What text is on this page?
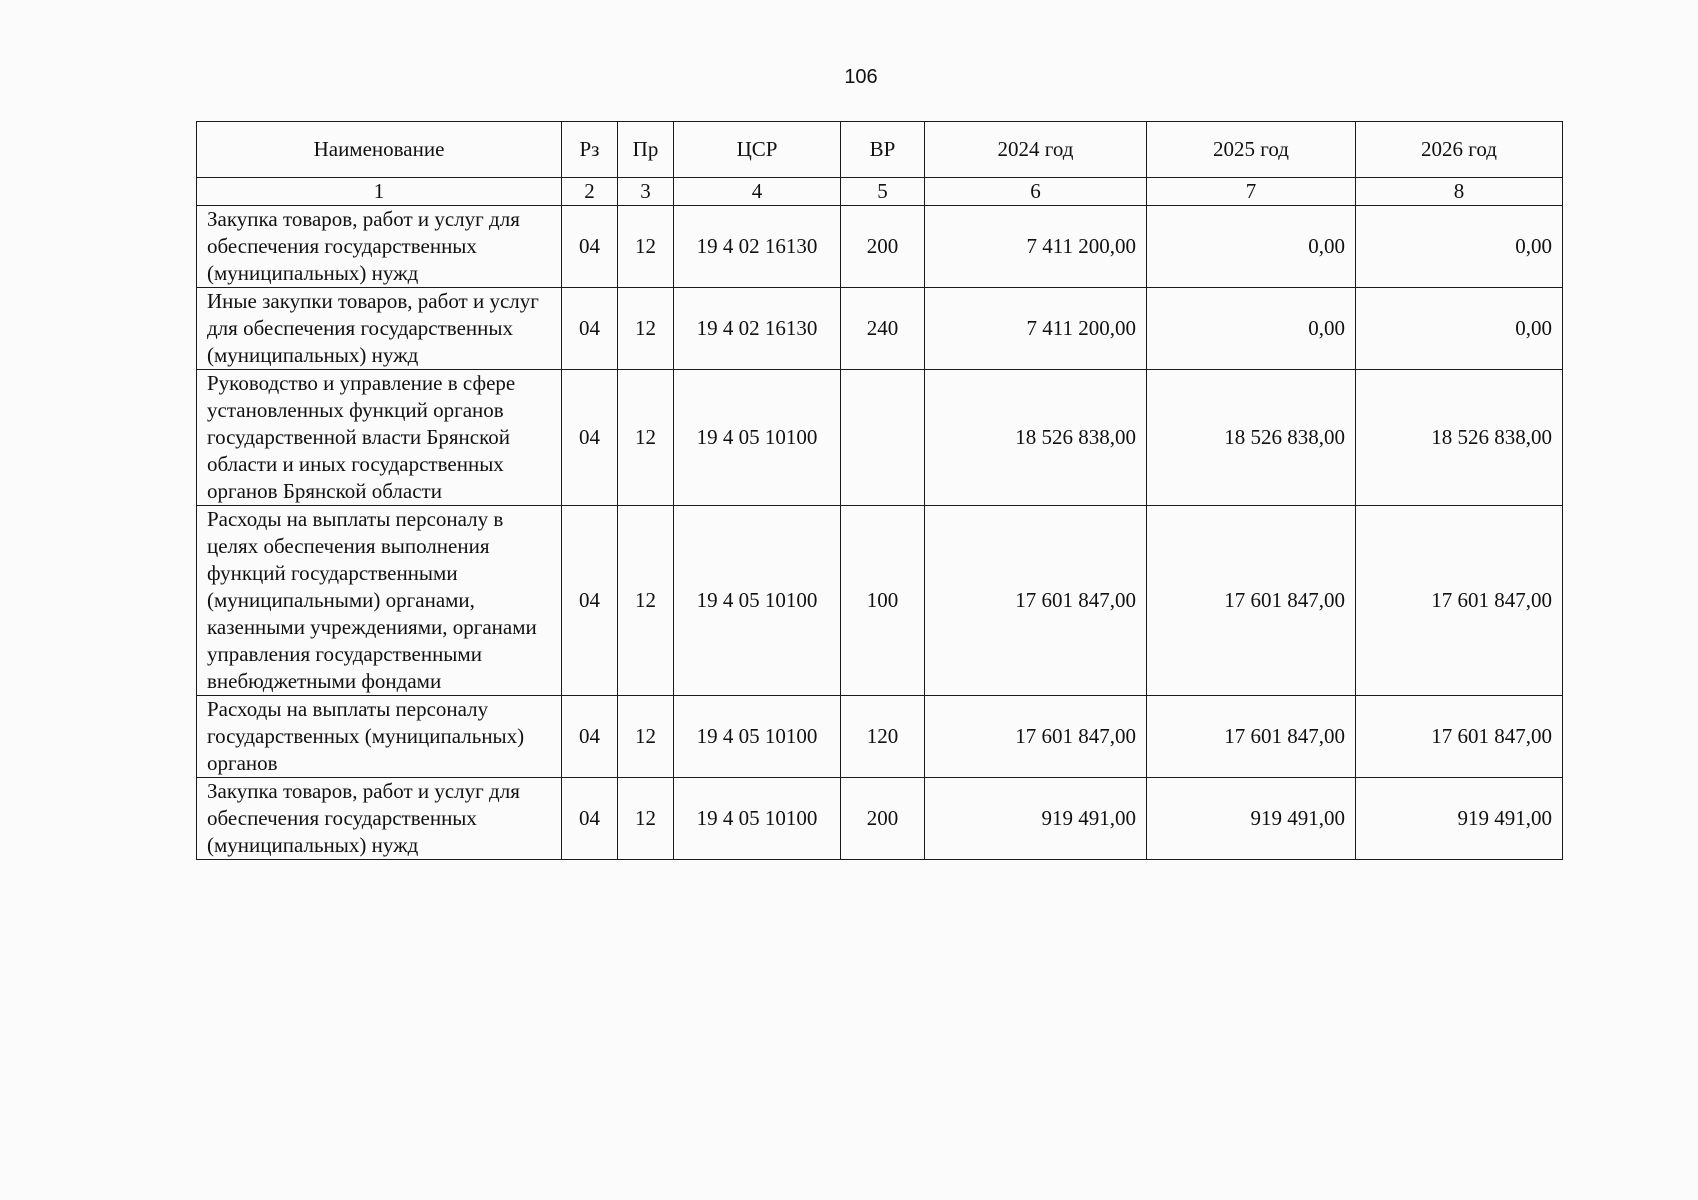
106
Наименование	Рз	Пр	ЦСР	ВР	2024 год	2025 год	2026 год
1	2	3	4	5	6	7	8
Закупка товаров, работ и услуг для обеспечения государственных (муниципальных) нужд	04	12	19 4 02 16130	200	7 411 200,00	0,00	0,00
Иные закупки товаров, работ и услуг для обеспечения государственных (муниципальных) нужд	04	12	19 4 02 16130	240	7 411 200,00	0,00	0,00
Руководство и управление в сфере установленных функций органов государственной власти Брянской области и иных государственных органов Брянской области	04	12	19 4 05 10100		18 526 838,00	18 526 838,00	18 526 838,00
Расходы на выплаты персоналу в целях обеспечения выполнения функций государственными (муниципальными) органами, казенными учреждениями, органами управления государственными внебюджетными фондами	04	12	19 4 05 10100	100	17 601 847,00	17 601 847,00	17 601 847,00
Расходы на выплаты персоналу государственных (муниципальных) органов	04	12	19 4 05 10100	120	17 601 847,00	17 601 847,00	17 601 847,00
Закупка товаров, работ и услуг для обеспечения государственных (муниципальных) нужд	04	12	19 4 05 10100	200	919 491,00	919 491,00	919 491,00
